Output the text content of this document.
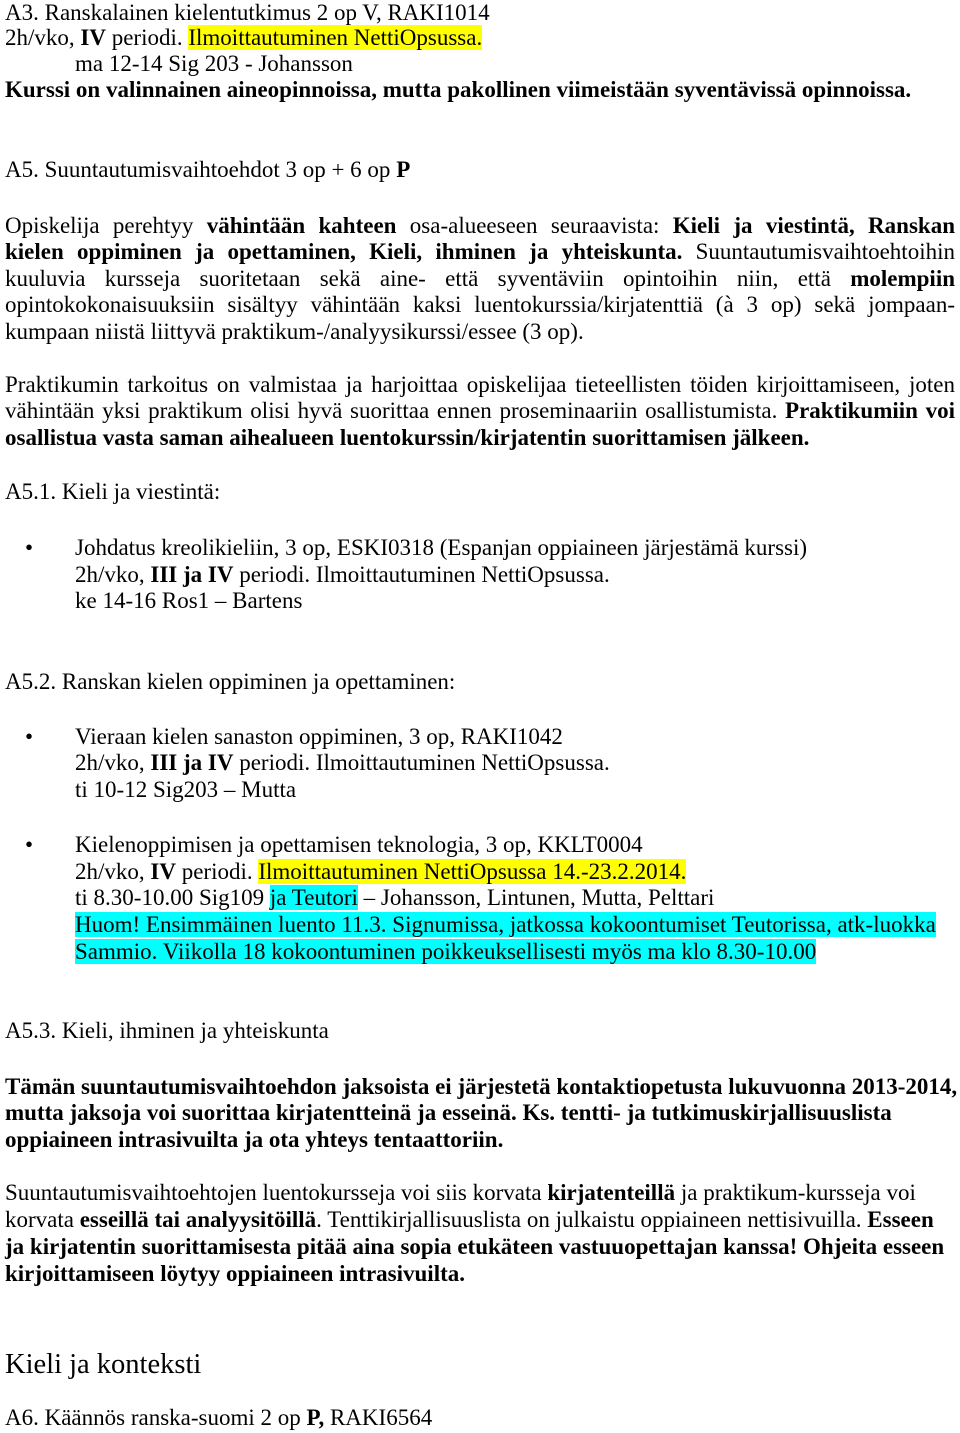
A3. Ranskalainen kielentutkimus 2 op V, RAKI1014
2h/vko, IV periodi. Ilmoittautuminen NettiOpsussa.
ma 12-14 Sig 203 - Johansson
Kurssi on valinnainen aineopinnoissa, mutta pakollinen viimeistään syventävissä opinnoissa.
A5. Suuntautumisvaihtoehdot 3 op + 6 op P
Opiskelija perehtyy vähintään kahteen osa-alueeseen seuraavista: Kieli ja viestintä, Ranskan
kielen oppiminen ja opettaminen, Kieli, ihminen ja yhteiskunta. Suuntautumisvaihtoehtoihin
kuuluvia kursseja suoritetaan sekä aine- että syventäviin opintoihin niin, että molempiin
opintokokonaisuuksiin sisältyy vähintään kaksi luentokurssia/kirjatenttiä (à 3 op) sekä jompaan-
kumpaan niistä liittyvä praktikum-/analyysikurssi/essee (3 op).
Praktikumin tarkoitus on valmistaa ja harjoittaa opiskelijaa tieteellisten töiden kirjoittamiseen, joten
vähintään yksi praktikum olisi hyvä suorittaa ennen proseminaariin osallistumista. Praktikumiin voi
osallistua vasta saman aihealueen luentokurssin/kirjatentin suorittamisen jälkeen.
A5.1. Kieli ja viestintä:
• Johdatus kreolikieliin, 3 op, ESKI0318 (Espanjan oppiaineen järjestämä kurssi)
2h/vko, III ja IV periodi. Ilmoittautuminen NettiOpsussa.
ke 14-16 Ros1 – Bartens
A5.2. Ranskan kielen oppiminen ja opettaminen:
• Vieraan kielen sanaston oppiminen, 3 op, RAKI1042
2h/vko, III ja IV periodi. Ilmoittautuminen NettiOpsussa.
ti 10-12 Sig203 – Mutta
• Kielenoppimisen ja opettamisen teknologia, 3 op, KKLT0004
2h/vko, IV periodi. Ilmoittautuminen NettiOpsussa 14.-23.2.2014.
ti 8.30-10.00 Sig109 ja Teutori – Johansson, Lintunen, Mutta, Pelttari
Huom! Ensimmäinen luento 11.3. Signumissa, jatkossa kokoontumiset Teutorissa, atk-luokka
Sammio. Viikolla 18 kokoontuminen poikkeuksellisesti myös ma klo 8.30-10.00
A5.3. Kieli, ihminen ja yhteiskunta
Tämän suuntautumisvaihtoehdon jaksoista ei järjestetä kontaktiopetusta lukuvuonna 2013-2014,
mutta jaksoja voi suorittaa kirjatentteinä ja esseinä. Ks. tentti- ja tutkimuskirjallisuuslista
oppiaineen intrasivuilta ja ota yhteys tentaattoriin.
Suuntautumisvaihtoehtojen luentokursseja voi siis korvata kirjatenteillä ja praktikum-kursseja voi
korvata esseillä tai analyysitöillä. Tenttikirjallisuuslista on julkaistu oppiaineen nettisivuilla. Esseen
ja kirjatentin suorittamisesta pitää aina sopia etukäteen vastuuopettajan kanssa! Ohjeita esseen
kirjoittamiseen löytyy oppiaineen intrasivuilta.
Kieli ja konteksti
A6. Käännös ranska-suomi 2 op P, RAKI6564
